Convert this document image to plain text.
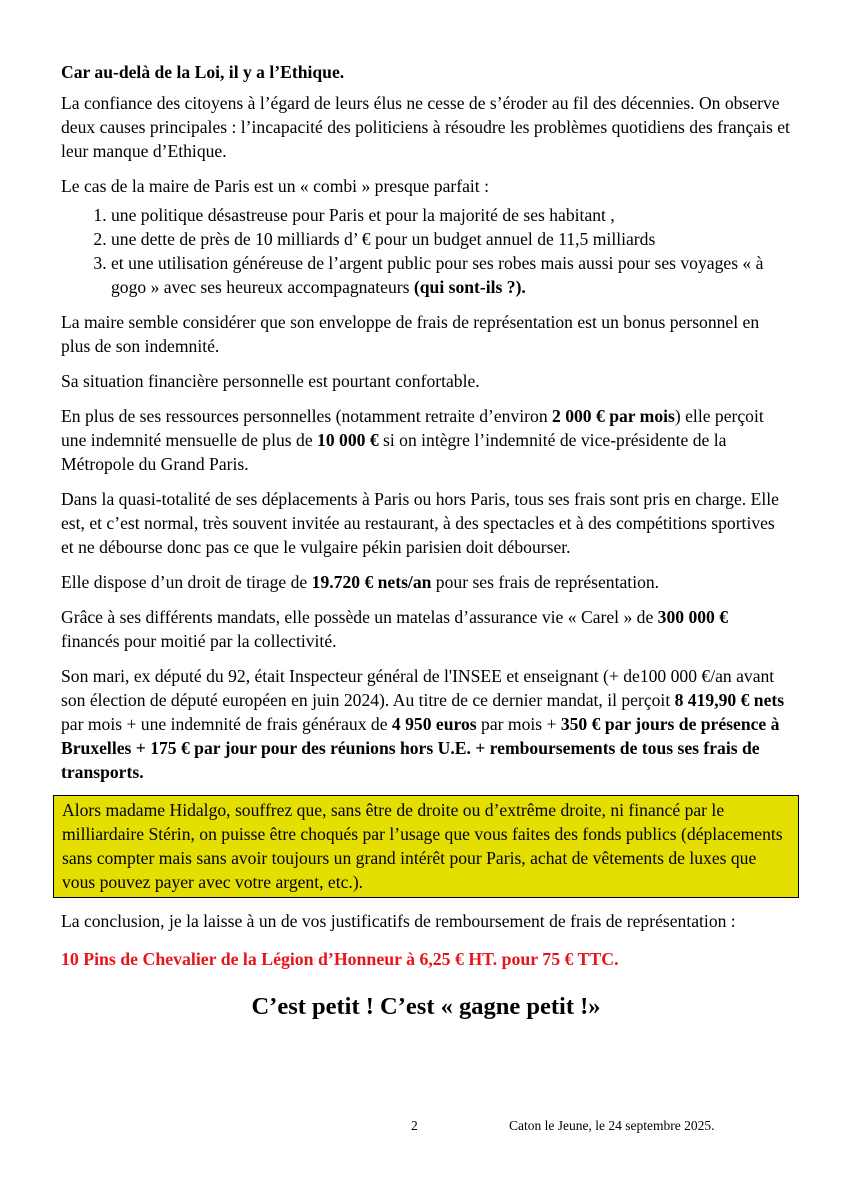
Car au-delà de la Loi, il y a l’Ethique.

La confiance des citoyens à l’égard de leurs élus ne cesse de s’éroder au fil des décennies. On observe deux causes principales : l’incapacité des politiciens à résoudre les problèmes quotidiens des français et leur manque d’Ethique.

Le cas de la maire de Paris est un « combi » presque parfait :

1. une politique désastreuse pour Paris et pour la majorité de ses habitant ,
2. une dette de près de 10 milliards d’ € pour un budget annuel de 11,5 milliards
3. et une utilisation généreuse de l’argent public pour ses robes mais aussi pour ses voyages « à gogo » avec ses heureux accompagnateurs (qui sont-ils ?).

La maire semble considérer que son enveloppe de frais de représentation est un bonus personnel en plus de son indemnité.

Sa situation financière personnelle est pourtant confortable.

En plus de ses ressources personnelles (notamment retraite d’environ 2 000 € par mois) elle perçoit une indemnité mensuelle de plus de 10 000 € si on intègre l’indemnité de vice-présidente de la Métropole du Grand Paris.

Dans la quasi-totalité de ses déplacements à Paris ou hors Paris, tous ses frais sont pris en charge. Elle est, et c’est normal, très souvent invitée au restaurant, à des spectacles et à des compétitions sportives et ne débourse donc pas ce que le vulgaire pékin parisien doit débourser.

Elle dispose d’un droit de tirage de 19.720 € nets/an pour ses frais de représentation.

Grâce à ses différents mandats, elle possède un matelas d’assurance vie « Carel » de 300 000 € financés pour moitié par la collectivité.

Son mari, ex député du 92, était Inspecteur général de l'INSEE et enseignant (+ de100 000 €/an avant son élection de député européen en juin 2024). Au titre de ce dernier mandat, il perçoit 8 419,90 € nets par mois + une indemnité de frais généraux de 4 950 euros par mois + 350 € par jours de présence à Bruxelles + 175 € par jour pour des réunions hors U.E. + remboursements de tous ses frais de transports.

Alors madame Hidalgo, souffrez que, sans être de droite ou d’extrême droite, ni financé par le milliardaire Stérin, on puisse être choqués par l’usage que vous faites des fonds publics (déplacements sans compter mais sans avoir toujours un grand intérêt pour Paris, achat de vêtements de luxes que vous pouvez payer avec votre argent, etc.).

La conclusion, je la laisse à un de vos justificatifs de remboursement de frais de représentation :

10 Pins de Chevalier de la Légion d’Honneur à 6,25 € HT. pour 75 € TTC.

C’est petit ! C’est « gagne petit !»

2	Caton le Jeune, le 24 septembre 2025.
